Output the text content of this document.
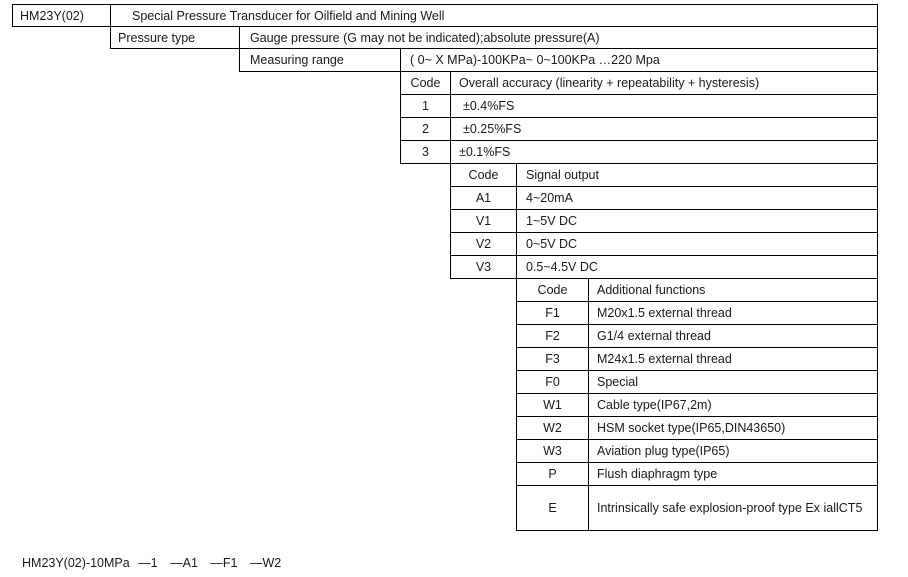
HM23Y(02)	Special Pressure Transducer for Oilfield and Mining Well
Pressure type	Gauge pressure (G may not be indicated);absolute pressure(A)
Measuring range	( 0~ X MPa)-100KPa~ 0~100KPa …220 Mpa
Code Overall accuracy (linearity + repeatability + hysteresis)
1	±0.4%FS
2	±0.25%FS
3 ±0.1%FS
Code Signal output
A1	4~20mA
V1	1~5V DC
V2	0~5V DC
V3	0.5~4.5V DC
Code Additional functions
F1	M20x1.5 external thread
F2	G1/4 external thread
F3	M24x1.5 external thread
F0	Special
W1	Cable type(IP67,2m)
W2	HSM socket type(IP65,DIN43650)
W3	Aviation plug type(IP65)
P	Flush diaphragm type
E	Intrinsically safe explosion-proof type Ex iallCT5
HM23Y(02)-10MPa —1 —A1 —F1 —W2
